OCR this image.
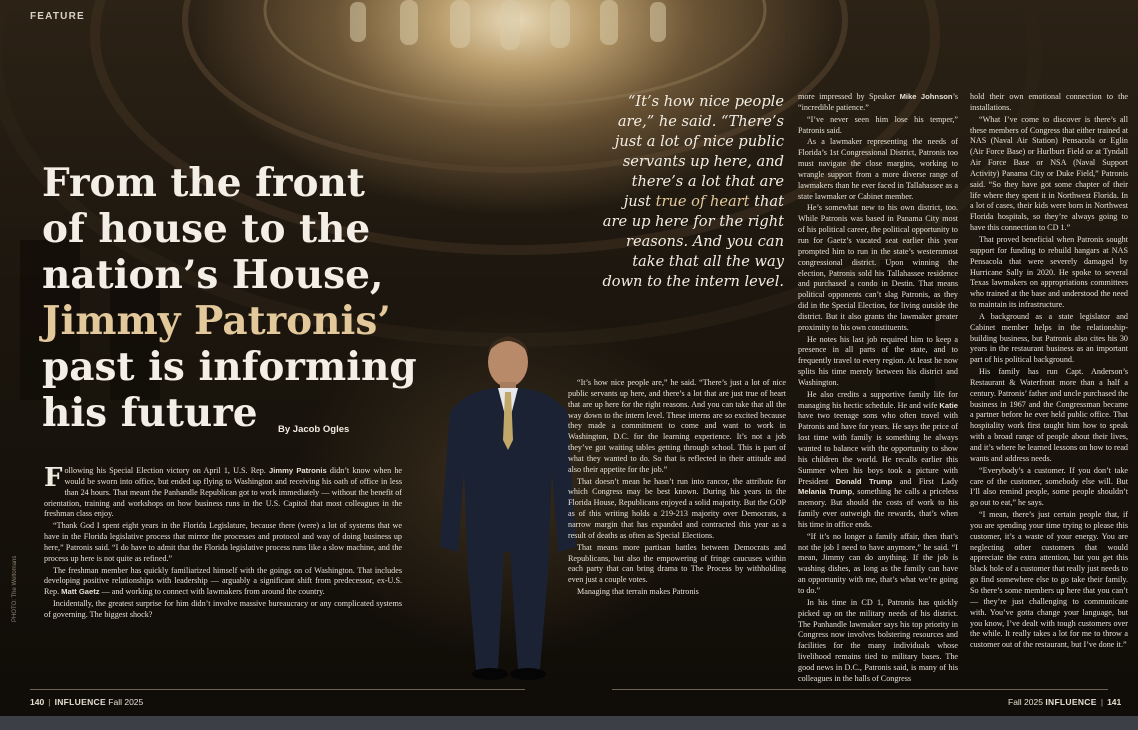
FEATURE
From the front
of house to the
nation’s House,
Jimmy Patronis’
past is informing
his future	By Jacob Ogles

“It’s how nice people are,” he said. “There’s just a lot of nice public servants up here, and there’s a lot that are just true of heart that are up here for the right reasons. And you can take that all the way down to the intern level.

PHOTO: The Weltomans

Following his Special Election victory on April 1, U.S. Rep. Jimmy Patronis didn’t know when he would be sworn into office, but ended up flying to Washington and receiving his oath of office in less than 24 hours. That meant the Panhandle Republican got to work immediately — without the benefit of orientation, training and workshops on how business runs in the U.S. Capitol that most colleagues in the freshman class enjoy.

“Thank God I spent eight years in the Florida Legislature, because there (were) a lot of systems that we have in the Florida legislative process that mirror the processes and protocol and way of doing business up here,” Patronis said. “I do have to admit that the Florida legislative process runs like a slow machine, and the process up here is not quite as refined.”

The freshman member has quickly familiarized himself with the goings on of Washington. That includes developing positive relationships with leadership — arguably a significant shift from predecessor, ex-U.S. Rep. Matt Gaetz — and working to connect with lawmakers from around the country.

Incidentally, the greatest surprise for him didn’t involve massive bureaucracy or any complicated systems of governing. The biggest shock?

“It’s how nice people are,” he said. “There’s just a lot of nice public servants up here, and there’s a lot that are just true of heart that are up here for the right reasons. And you can take that all the way down to the intern level. These interns are so excited because they made a commitment to come and want to work in Washington, D.C. for the learning experience. It’s not a job they’ve got waiting tables getting through school. This is part of what they wanted to do. So that is reflected in their attitude and also their appetite for the job.”

That doesn’t mean he hasn’t run into rancor, the attribute for which Congress may be best known. During his years in the Florida House, Republicans enjoyed a solid majority. But the GOP as of this writing holds a 219-213 majority over Democrats, a narrow margin that has expanded and contracted this year as a result of deaths as often as Special Elections.

That means more partisan battles between Democrats and Republicans, but also the empowering of fringe caucuses within each party that can bring drama to The Process by withholding even just a couple votes.

Managing that terrain makes Patronis

more impressed by Speaker Mike Johnson’s “incredible patience.”

“I’ve never seen him lose his temper,” Patronis said.

As a lawmaker representing the needs of Florida’s 1st Congressional District, Patronis too must navigate the close margins, working to wrangle support from a more diverse range of lawmakers than he ever faced in Tallahassee as a state lawmaker or Cabinet member.

He’s somewhat new to his own district, too. While Patronis was based in Panama City most of his political career, the political opportunity to run for Gaetz’s vacated seat earlier this year prompted him to run in the state’s westernmost congressional district. Upon winning the election, Patronis sold his Tallahassee residence and purchased a condo in Destin. That means political opponents can’t slag Patronis, as they did in the Special Election, for living outside the district. But it also grants the lawmaker greater proximity to his own constituents.

He notes his last job required him to keep a presence in all parts of the state, and to frequently travel to every region. At least he now splits his time merely between his district and Washington.

He also credits a supportive family life for managing his hectic schedule. He and wife Katie have two teenage sons who often travel with Patronis and have for years. He says the price of lost time with family is something he always wanted to balance with the opportunity to show his children the world. He recalls earlier this Summer when his boys took a picture with President Donald Trump and First Lady Melania Trump, something he calls a priceless memory. But should the costs of work to his family ever outweigh the rewards, that’s when his time in office ends.

“If it’s no longer a family affair, then that’s not the job I need to have anymore,” he said. “I mean, Jimmy can do anything. If the job is washing dishes, as long as the family can have an opportunity with me, that’s what we’re going to do.”

In his time in CD 1, Patronis has quickly picked up on the military needs of his district. The Panhandle lawmaker says his top priority in Congress now involves bolstering resources and facilities for the many individuals whose livelihood remains tied to military bases. The good news in D.C., Patronis said, is many of his colleagues in the halls of Congress

hold their own emotional connection to the installations.

“What I’ve come to discover is there’s all these members of Congress that either trained at NAS (Naval Air Station) Pensacola or Eglin (Air Force Base) or Hurlburt Field or at Tyndall Air Force Base or NSA (Naval Support Activity) Panama City or Duke Field,” Patronis said. “So they have got some chapter of their life where they spent it in Northwest Florida. In a lot of cases, their kids were born in Northwest Florida hospitals, so they’re always going to have this connection to CD 1.”

That proved beneficial when Patronis sought support for funding to rebuild hangars at NAS Pensacola that were severely damaged by Hurricane Sally in 2020. He spoke to several Texas lawmakers on appropriations committees who trained at the base and understood the need to maintain its infrastructure.

A background as a state legislator and Cabinet member helps in the relationship-building business, but Patronis also cites his 30 years in the restaurant business as an important part of his political background.

His family has run Capt. Anderson’s Restaurant & Waterfront more than a half a century. Patronis’ father and uncle purchased the business in 1967 and the Congressman became a partner before he ever held public office. That hospitality work first taught him how to speak with a broad range of people about their lives, and it’s where he learned lessons on how to read wants and address needs.

“Everybody’s a customer. If you don’t take care of the customer, somebody else will. But I’ll also remind people, some people shouldn’t go out to eat,” he says.

“I mean, there’s just certain people that, if you are spending your time trying to please this customer, it’s a waste of your energy. You are neglecting other customers that would appreciate the extra attention, but you get this black hole of a customer that really just needs to go find somewhere else to go take their family. So there’s some members up here that you can’t — they’re just challenging to communicate with. You’ve gotta change your language, but you know, I’ve dealt with tough customers over the while. It really takes a lot for me to throw a customer out of the restaurant, but I’ve done it.”

140 | INFLUENCE Fall 2025	Fall 2025 INFLUENCE | 141
